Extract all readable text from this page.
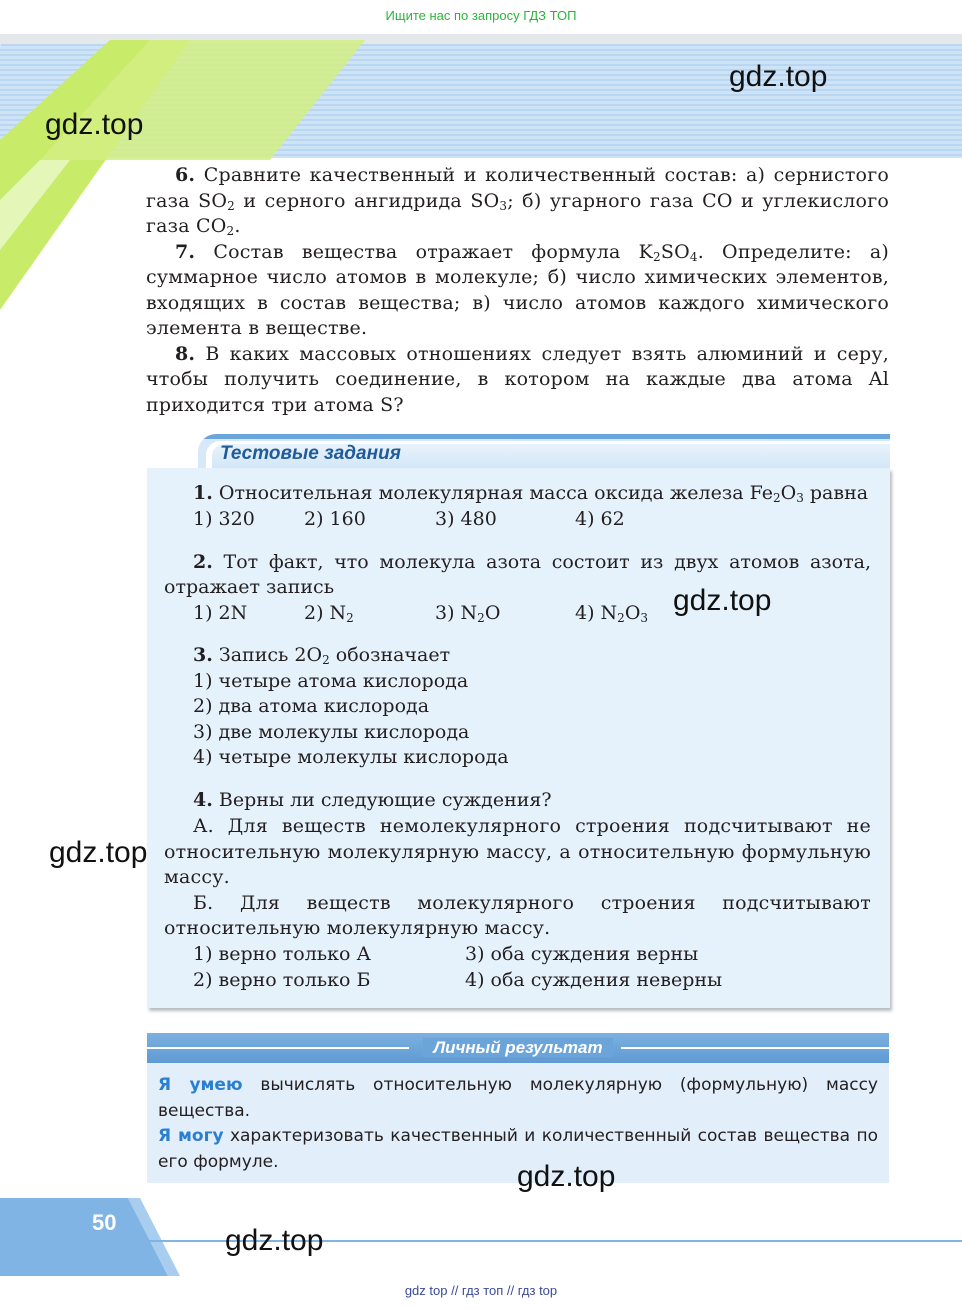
Ищите нас по запросу ГДЗ ТОП
gdz.top
gdz.top

6. Сравните качественный и количественный состав: а) сернистого газа $SO_2$ и серного ангидрида $SO_3$; б) угарного газа CO и углекислого газа $CO_2$.

7. Состав вещества отражает формула $K_2SO_4$. Определите: а) суммарное число атомов в молекуле; б) число химических элементов, входящих в состав вещества; в) число атомов каждого химического элемента в веществе.

8. В каких массовых отношениях следует взять алюминий и серу, чтобы получить соединение, в котором на каждые два атома Al приходится три атома S?

Тестовые задания
1. Относительная молекулярная масса оксида железа $Fe_2O_3$ равна
1) 320	2) 160	3) 480	4) 62
2. Тот факт, что молекула азота состоит из двух атомов азота,
отражает запись
1) 2N	2) $N_2$	3) $N_2O$	4) $N_2O_3$
gdz.top
3. Запись $2O_2$ обозначает
1) четыре атома кислорода
2) два атома кислорода
3) две молекулы кислорода
4) четыре молекулы кислорода
4. Верны ли следующие суждения?

А. Для веществ немолекулярного строения подсчитывают не относительную молекулярную массу, а относительную формульную массу.

Б. Для веществ молекулярного строения подсчитывают относительную молекулярную массу.

1) верно только А
2) верно только Б
3) оба суждения верны
4) оба суждения неверны
gdz.top
Личный результат
Я умею вычислять относительную молекулярную (формульную) массу вещества.
Я могу характеризовать качественный и количественный состав вещества по его формуле.	gdz.top
50
gdz.top
gdz top // гдз топ // гдз top
